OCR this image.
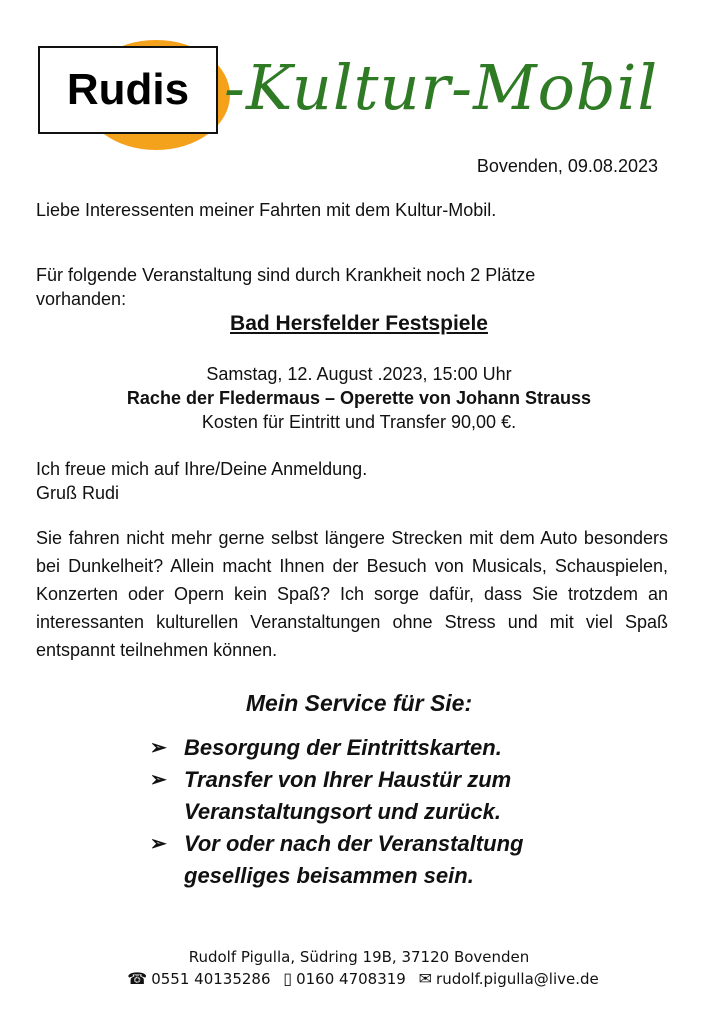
Rudis -Kultur-Mobil
Bovenden, 09.08.2023
Liebe Interessenten meiner Fahrten mit dem Kultur-Mobil.
Für folgende Veranstaltung sind durch Krankheit noch 2 Plätze
vorhanden:
Bad Hersfelder Festspiele
Samstag, 12. August .2023, 15:00 Uhr
Rache der Fledermaus – Operette von Johann Strauss
Kosten für Eintritt und Transfer 90,00 €.
Ich freue mich auf Ihre/Deine Anmeldung.
Gruß Rudi
Sie fahren nicht mehr gerne selbst längere Strecken mit dem Auto besonders bei Dunkelheit? Allein macht Ihnen der Besuch von Musicals, Schauspielen, Konzerten oder Opern kein Spaß? Ich sorge dafür, dass Sie trotzdem an interessanten kulturellen Veranstaltungen ohne Stress und mit viel Spaß entspannt teilnehmen können.
Mein Service für Sie:
➢ Besorgung der Eintrittskarten.
➢ Transfer von Ihrer Haustür zum
Veranstaltungsort und zurück.
➢ Vor oder nach der Veranstaltung
geselliges beisammen sein.
Rudolf Pigulla, Südring 19B, 37120 Bovenden
☎ 0551 40135286 ▯ 0160 4708319 ✉ rudolf.pigulla@live.de
